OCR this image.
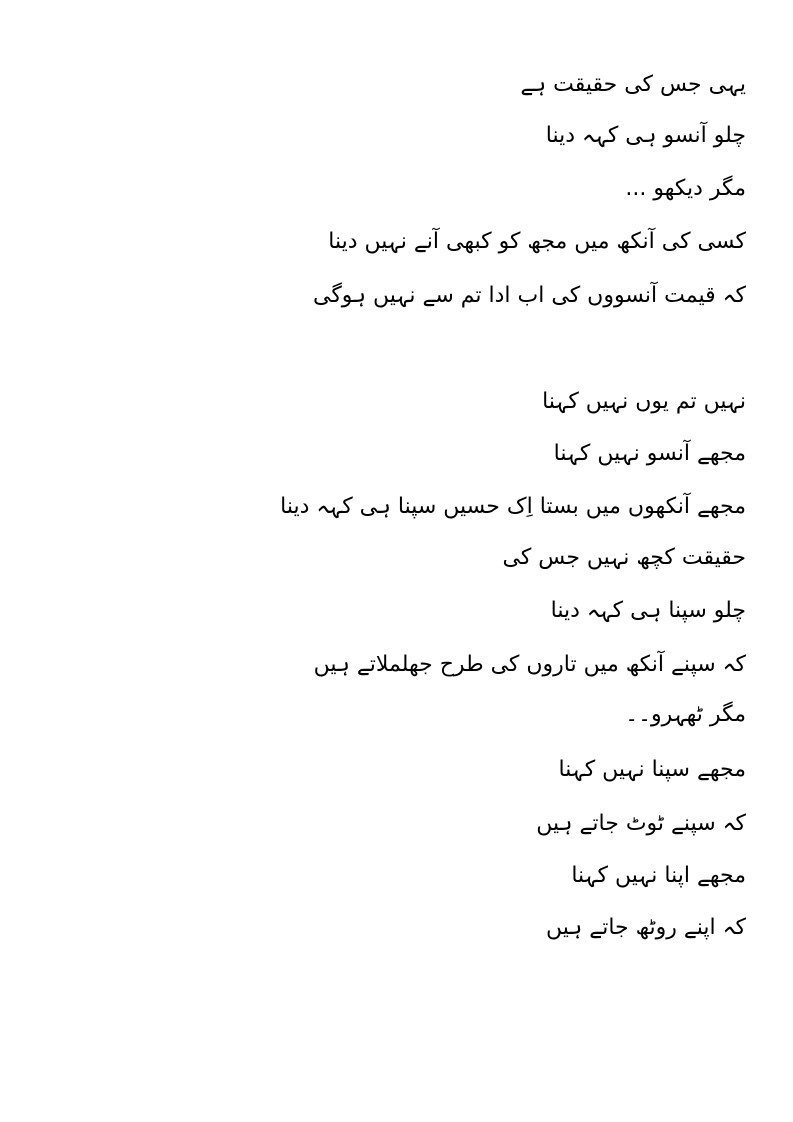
یہی جس کی حقیقت ہے
چلو آنسو ہی کہہ دینا
مگر دیکھو ...
کسی کی آنکھ میں مجھ کو کبھی آنے نہیں دینا
کہ قیمت آنسووں کی اب ادا تم سے نہیں ہوگی
نہیں تم یوں نہیں کہنا
مجھے آنسو نہیں کہنا
مجھے آنکھوں میں بستا اِک حسیں سپنا ہی کہہ دینا
حقیقت کچھ نہیں جس کی
چلو سپنا ہی کہہ دینا
کہ سپنے آنکھ میں تاروں کی طرح جھلملاتے ہیں
مگر ٹھہرو۔۔
مجھے سپنا نہیں کہنا
کہ سپنے ٹوٹ جاتے ہیں
مجھے اپنا نہیں کہنا
کہ اپنے روٹھ جاتے ہیں
